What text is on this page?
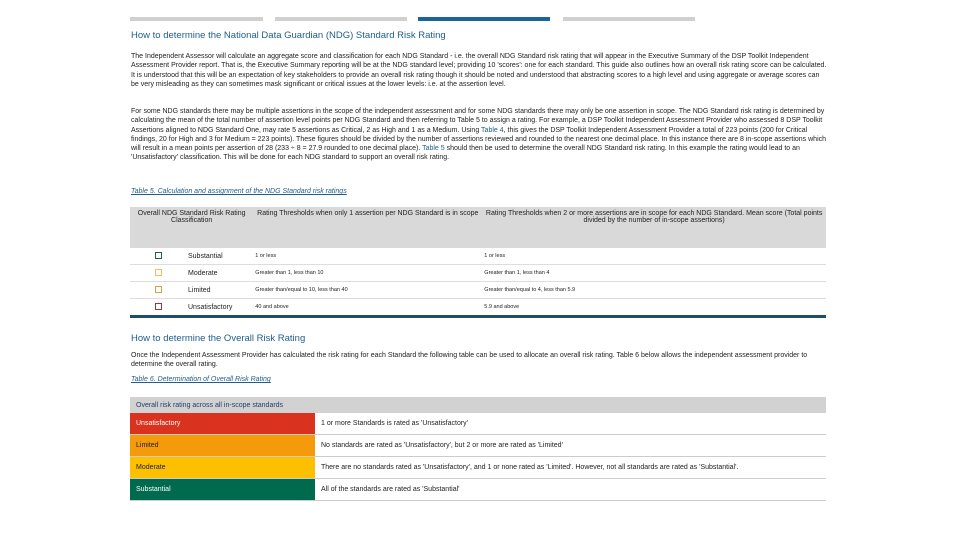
How to determine the National Data Guardian (NDG) Standard Risk Rating
The Independent Assessor will calculate an aggregate score and classification for each NDG Standard - i.e. the overall NDG Standard risk rating that will appear in the Executive Summary of the DSP Toolkit Independent Assessment Provider report. That is, the Executive Summary reporting will be at the NDG standard level; providing 10 'scores': one for each standard. This guide also outlines how an overall risk rating score can be calculated. It is understood that this will be an expectation of key stakeholders to provide an overall risk rating though it should be noted and understood that abstracting scores to a high level and using aggregate or average scores can be very misleading as they can sometimes mask significant or critical issues at the lower levels: i.e. at the assertion level.
For some NDG standards there may be multiple assertions in the scope of the independent assessment and for some NDG standards there may only be one assertion in scope. The NDG Standard risk rating is determined by calculating the mean of the total number of assertion level points per NDG Standard and then referring to Table 5 to assign a rating. For example, a DSP Toolkit Independent Assessment Provider who assessed 8 DSP Toolkit Assertions aligned to NDG Standard One, may rate 5 assertions as Critical, 2 as High and 1 as a Medium. Using Table 4, this gives the DSP Toolkit Independent Assessment Provider a total of 223 points (200 for Critical findings, 20 for High and 3 for Medium = 223 points). These figures should be divided by the number of assertions reviewed and rounded to the nearest one decimal place. In this instance there are 8 in-scope assertions which will result in a mean points per assertion of 28 (233 ÷ 8 = 27.9 rounded to one decimal place). Table 5 should then be used to determine the overall NDG Standard risk rating. In this example the rating would lead to an 'Unsatisfactory' classification. This will be done for each NDG standard to support an overall risk rating.
Table 5. Calculation and assignment of the NDG Standard risk ratings
Overall NDG Standard Risk Rating Classification		Rating Thresholds when only 1 assertion per NDG Standard is in scope	Rating Thresholds when 2 or more assertions are in scope for each NDG Standard. Mean score (Total points divided by the number of in-scope assertions)
	Substantial	1 or less	1 or less
	Moderate	Greater than 1, less than 10	Greater than 1, less than 4
	Limited	Greater than/equal to 10, less than 40	Greater than/equal to 4, less than 5.9
	Unsatisfactory	40 and above	5.9 and above
How to determine the Overall Risk Rating
Once the Independent Assessment Provider has calculated the risk rating for each Standard the following table can be used to allocate an overall risk rating. Table 6 below allows the independent assessment provider to determine the overall rating.
Table 6. Determination of Overall Risk Rating
Overall risk rating across all in-scope standards	
Unsatisfactory	1 or more Standards is rated as 'Unsatisfactory'
Limited	No standards are rated as 'Unsatisfactory', but 2 or more are rated as 'Limited'
Moderate	There are no standards rated as 'Unsatisfactory', and 1 or none rated as 'Limited'. However, not all standards are rated as 'Substantial'.
Substantial	All of the standards are rated as 'Substantial'
